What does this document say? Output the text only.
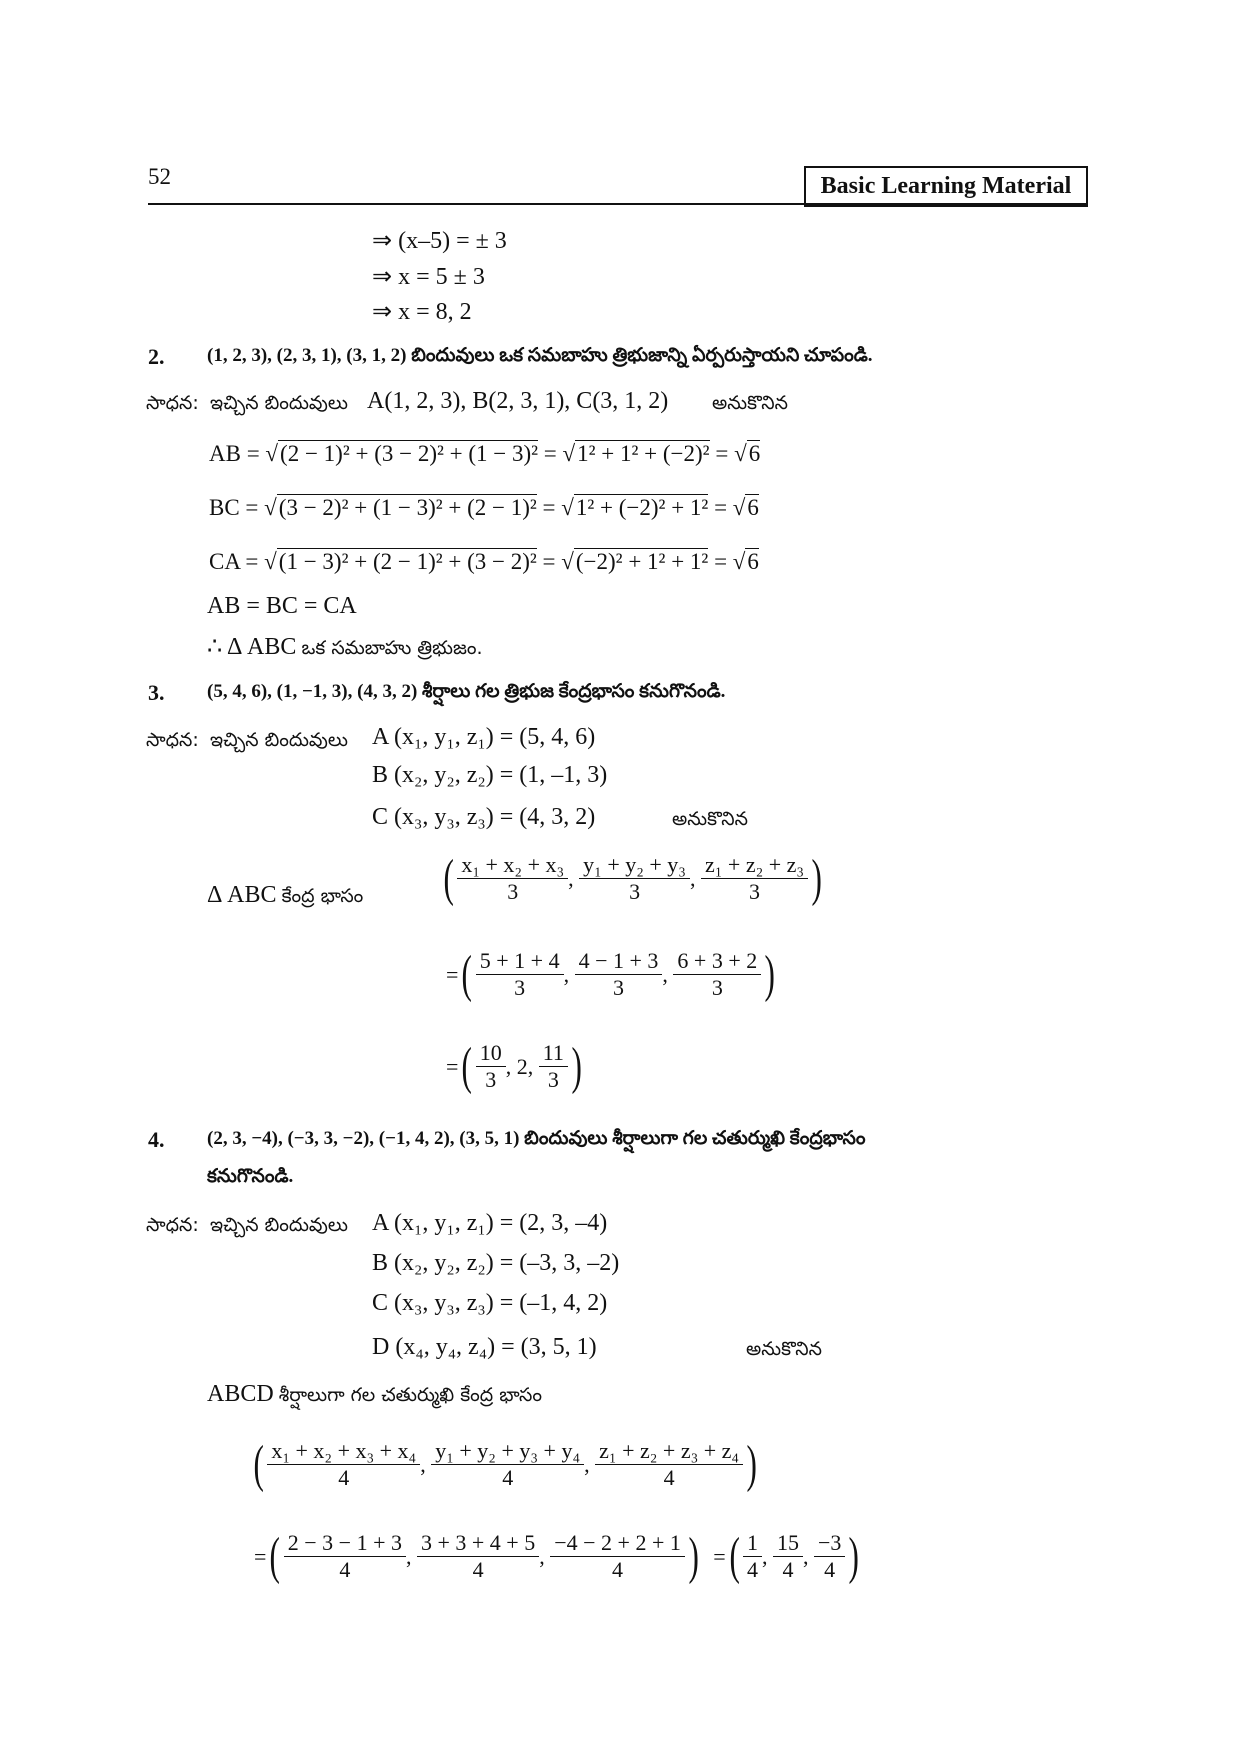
52	Basic Learning Material
⇒ (x–5) = ± 3
⇒ x = 5 ± 3
⇒ x = 8, 2
2. (1, 2, 3), (2, 3, 1), (3, 1, 2) బిందువులు ఒక సమబాహు త్రిభుజాన్ని ఏర్పరుస్తాయని చూపండి.
సాధన: ఇచ్చిన బిందువులు A(1, 2, 3), B(2, 3, 1), C(3, 1, 2) అనుకొనిన
AB = √(2 − 1)² + (3 − 2)² + (1 − 3)² = √1² + 1² + (−2)² = √6
BC = √(3 − 2)² + (1 − 3)² + (2 − 1)² = √1² + (−2)² + 1² = √6
CA = √(1 − 3)² + (2 − 1)² + (3 − 2)² = √(−2)² + 1² + 1² = √6
AB = BC = CA
∴ Δ ABC ఒక సమబాహు త్రిభుజం.
3. (5, 4, 6), (1, −1, 3), (4, 3, 2) శీర్షాలు గల త్రిభుజ కేంద్రభాసం కనుగొనండి.
సాధన: ఇచ్చిన బిందువులు A (x₁, y₁, z₁) = (5, 4, 6)
B (x₂, y₂, z₂) = (1, –1, 3)
C (x₃, y₃, z₃) = (4, 3, 2)	అనుకొనిన
Δ ABC కేంద్ర భాసం ( $\frac{\text{x₁ + x₂ + x₃}}{3}$ , $\frac{\text{y₁ + y₂ + y₃}}{3}$ , $\frac{\text{z₁ + z₂ + z₃}}{3}$ )
= ( $\frac{5 + 1 + 4}{3}$ , $\frac{4 - 1 + 3}{3}$ , $\frac{6 + 3 + 2}{3}$ )
= ( $\frac{10}{3}$ , 2,
$\frac{11}{3}$ )
4. (2, 3, −4), (−3, 3, −2), (−1, 4, 2), (3, 5, 1) బిందువులు శీర్షాలుగా గల చతుర్ముఖి కేంద్రభాసం
కనుగొనండి.
సాధన: ఇచ్చిన బిందువులు A (x₁, y₁, z₁) = (2, 3, –4)
B (x₂, y₂, z₂) = (–3, 3, –2)
C (x₃, y₃, z₃) = (–1, 4, 2)
D (x₄, y₄, z₄) = (3, 5, 1)	అనుకొనిన
ABCD శీర్షాలుగా గల చతుర్ముఖి కేంద్ర భాసం
( $\frac{\text{x₁ + x₂ + x₃ + x₄}}{4}$ , $\frac{\text{y₁ + y₂ + y₃ + y₄}}{4}$ , $\frac{\text{z₁ + z₂ + z₃ + z₄}}{4}$ )
= ( $\frac{2 - 3 - 1 + 3}{4}$ , $\frac{3 + 3 + 4 + 5}{4}$ , $\frac{-4 - 2 + 2 + 1}{4}$ )
= ( $\frac{1}{4}$ , $\frac{15}{4}$ , $\frac{-3}{4}$ )
